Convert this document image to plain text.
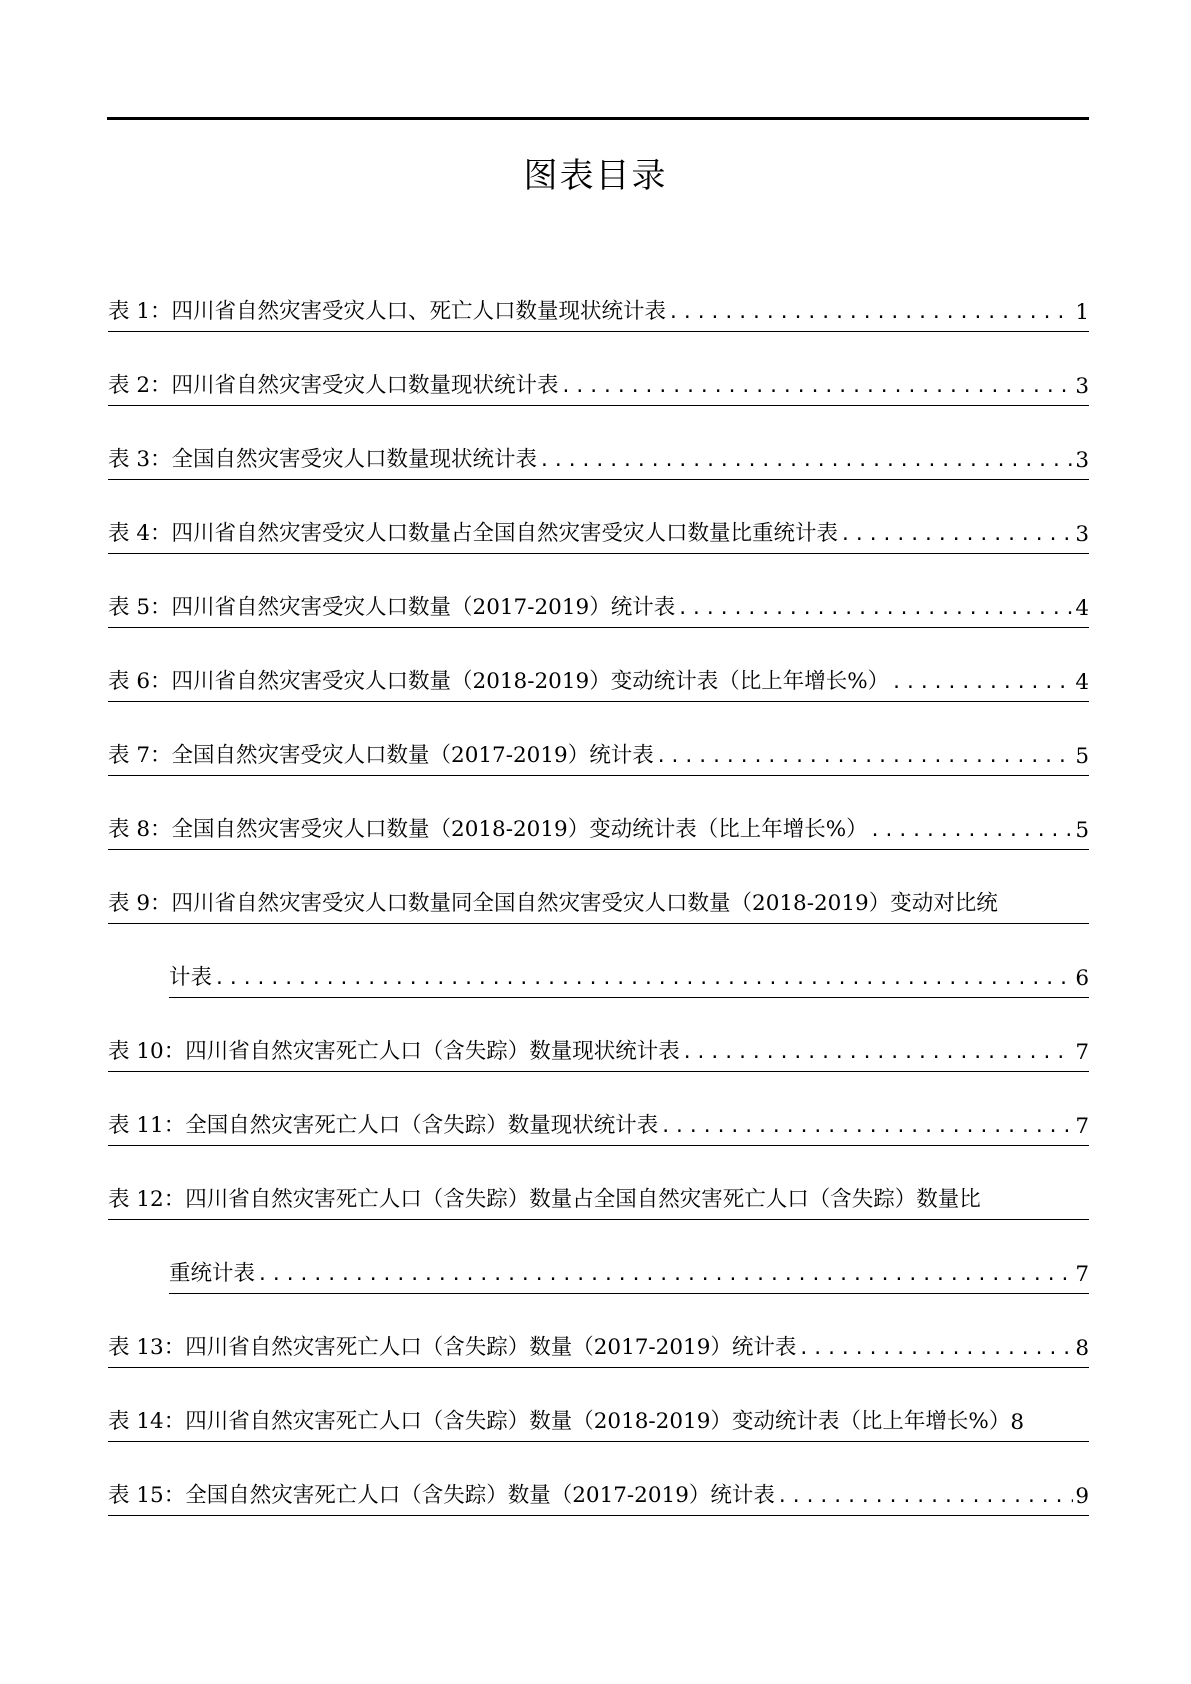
图表目录
表 1： 四川省自然灾害受灾人口、死亡人口数量现状统计表 .....	1
表 2： 四川省自然灾害受灾人口数量现状统计表 .....	3
表 3： 全国自然灾害受灾人口数量现状统计表 .....	3
表 4： 四川省自然灾害受灾人口数量占全国自然灾害受灾人口数量比重统计表 .....	3
表 5： 四川省自然灾害受灾人口数量（2017-2019）统计表 .....	4
表 6： 四川省自然灾害受灾人口数量（2018-2019）变动统计表（比上年增长%） .....	4
表 7： 全国自然灾害受灾人口数量（2017-2019）统计表 .....	5
表 8： 全国自然灾害受灾人口数量（2018-2019）变动统计表（比上年增长%） .....	5
表 9： 四川省自然灾害受灾人口数量同全国自然灾害受灾人口数量（2018-2019）变动对比统
计表 .....	6
表 10： 四川省自然灾害死亡人口（含失踪）数量现状统计表 .....	7
表 11： 全国自然灾害死亡人口（含失踪）数量现状统计表 .....	7
表 12： 四川省自然灾害死亡人口（含失踪）数量占全国自然灾害死亡人口（含失踪）数量比
重统计表 .....	7
表 13： 四川省自然灾害死亡人口（含失踪）数量（2017-2019）统计表 .....	8
表 14： 四川省自然灾害死亡人口（含失踪）数量（2018-2019）变动统计表（比上年增长%） 8
表 15： 全国自然灾害死亡人口（含失踪）数量（2017-2019）统计表 .....	9
